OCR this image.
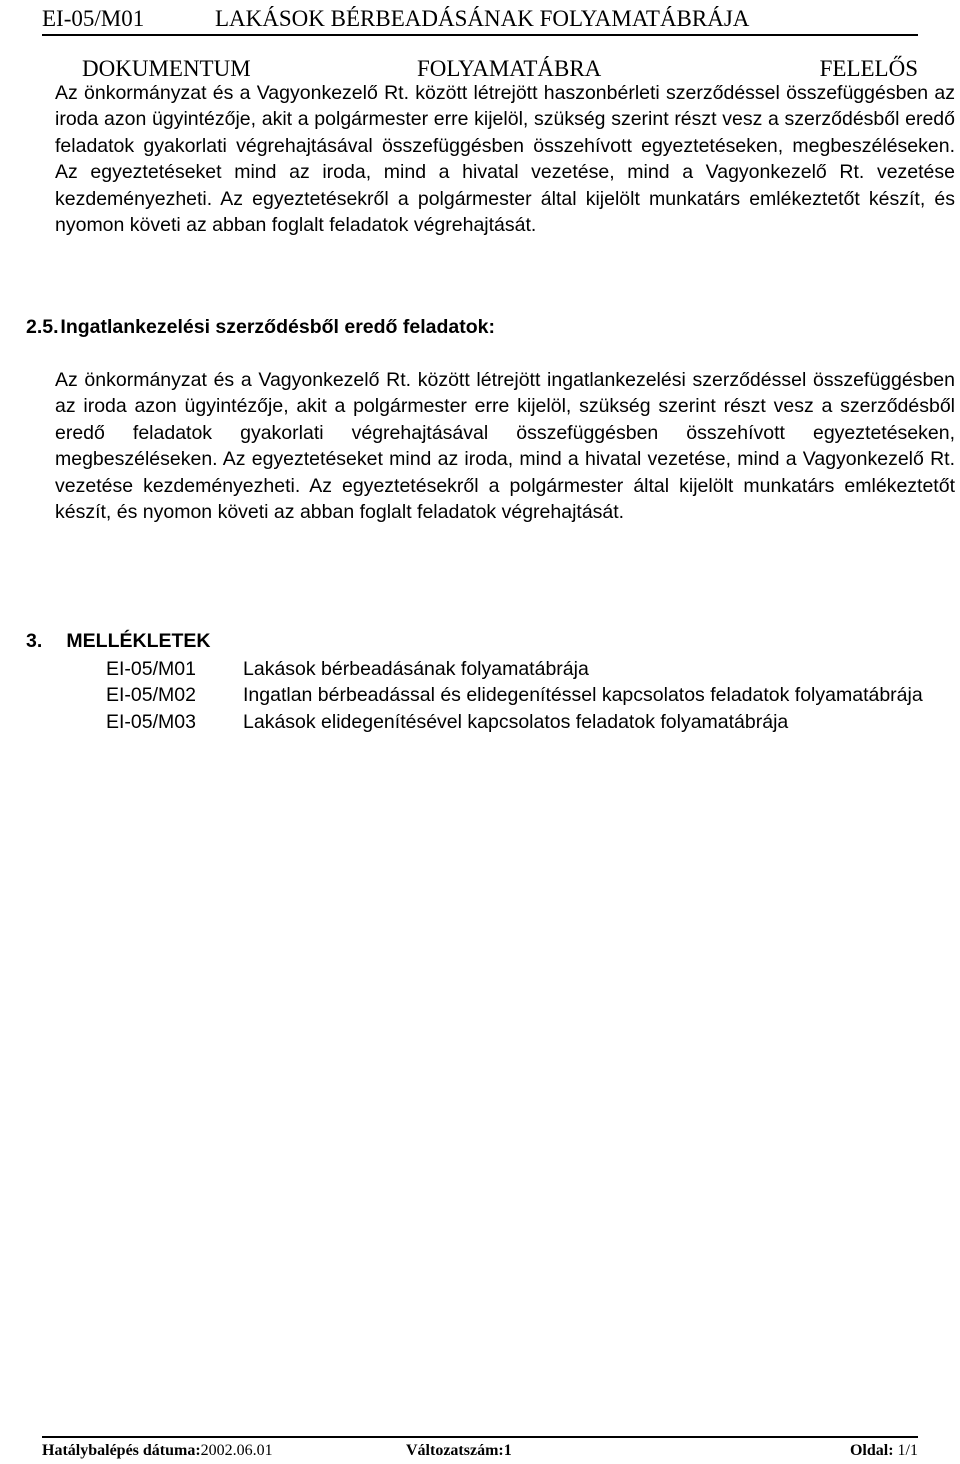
EI-05/M01	LAKÁSOK BÉRBEADÁSÁNAK FOLYAMATÁBRÁJA
DOKUMENTUM	FOLYAMATÁBRA	FELELŐS

Az önkormányzat és a Vagyonkezelő Rt. között létrejött haszonbérleti szerződéssel összefüggésben az iroda azon ügyintézője, akit a polgármester erre kijelöl, szükség szerint részt vesz a szerződésből eredő feladatok gyakorlati végrehajtásával összefüggésben összehívott egyeztetéseken, megbeszéléseken. Az egyeztetéseket mind az iroda, mind a hivatal vezetése, mind a Vagyonkezelő Rt. vezetése kezdeményezheti. Az egyeztetésekről a polgármester által kijelölt munkatárs emlékeztetőt készít, és nyomon követi az abban foglalt feladatok végrehajtását.

2.5. Ingatlankezelési szerződésből eredő feladatok:

Az önkormányzat és a Vagyonkezelő Rt. között létrejött ingatlankezelési szerződéssel összefüggésben az iroda azon ügyintézője, akit a polgármester erre kijelöl, szükség szerint részt vesz a szerződésből eredő feladatok gyakorlati végrehajtásával összefüggésben összehívott egyeztetéseken, megbeszéléseken. Az egyeztetéseket mind az iroda, mind a hivatal vezetése, mind a Vagyonkezelő Rt. vezetése kezdeményezheti. Az egyeztetésekről a polgármester által kijelölt munkatárs emlékeztetőt készít, és nyomon követi az abban foglalt feladatok végrehajtását.

3. MELLÉKLETEK
EI-05/M01	Lakások bérbeadásának folyamatábrája
EI-05/M02	Ingatlan bérbeadással és elidegenítéssel kapcsolatos feladatok folyamatábrája
EI-05/M03	Lakások elidegenítésével kapcsolatos feladatok folyamatábrája
Hatálybalépés dátuma:2002.06.01	Változatszám:1	Oldal: 1/1
